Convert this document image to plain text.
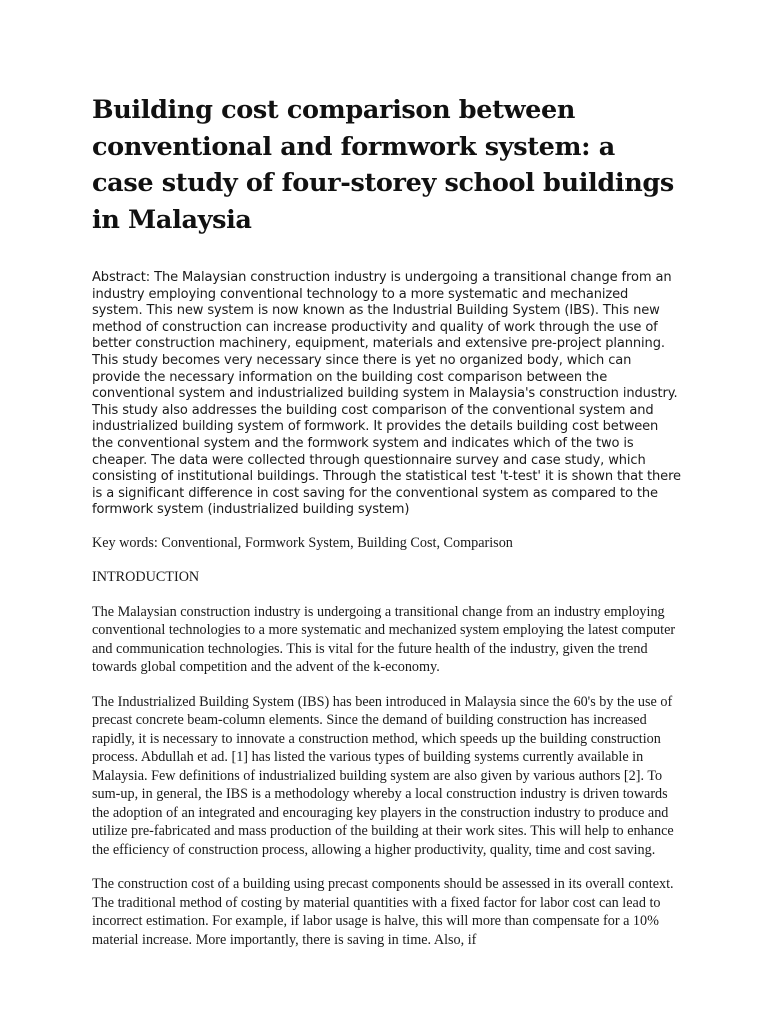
Building cost comparison between conventional and formwork system: a case study of four-storey school buildings in Malaysia

Abstract: The Malaysian construction industry is undergoing a transitional change from an industry employing conventional technology to a more systematic and mechanized system. This new system is now known as the Industrial Building System (IBS). This new method of construction can increase productivity and quality of work through the use of better construction machinery, equipment, materials and extensive pre-project planning. This study becomes very necessary since there is yet no organized body, which can provide the necessary information on the building cost comparison between the conventional system and industrialized building system in Malaysia's construction industry. This study also addresses the building cost comparison of the conventional system and industrialized building system of formwork. It provides the details building cost between the conventional system and the formwork system and indicates which of the two is cheaper. The data were collected through questionnaire survey and case study, which consisting of institutional buildings. Through the statistical test 't-test' it is shown that there is a significant difference in cost saving for the conventional system as compared to the formwork system (industrialized building system)

Key words: Conventional, Formwork System, Building Cost, Comparison

INTRODUCTION

The Malaysian construction industry is undergoing a transitional change from an industry employing conventional technologies to a more systematic and mechanized system employing the latest computer and communication technologies. This is vital for the future health of the industry, given the trend towards global competition and the advent of the k-economy.

The Industrialized Building System (IBS) has been introduced in Malaysia since the 60's by the use of precast concrete beam-column elements. Since the demand of building construction has increased rapidly, it is necessary to innovate a construction method, which speeds up the building construction process. Abdullah et ad. [1] has listed the various types of building systems currently available in Malaysia. Few definitions of industrialized building system are also given by various authors [2]. To sum-up, in general, the IBS is a methodology whereby a local construction industry is driven towards the adoption of an integrated and encouraging key players in the construction industry to produce and utilize pre-fabricated and mass production of the building at their work sites. This will help to enhance the efficiency of construction process, allowing a higher productivity, quality, time and cost saving.

The construction cost of a building using precast components should be assessed in its overall context. The traditional method of costing by material quantities with a fixed factor for labor cost can lead to incorrect estimation. For example, if labor usage is halve, this will more than compensate for a 10% material increase. More importantly, there is saving in time. Also, if
